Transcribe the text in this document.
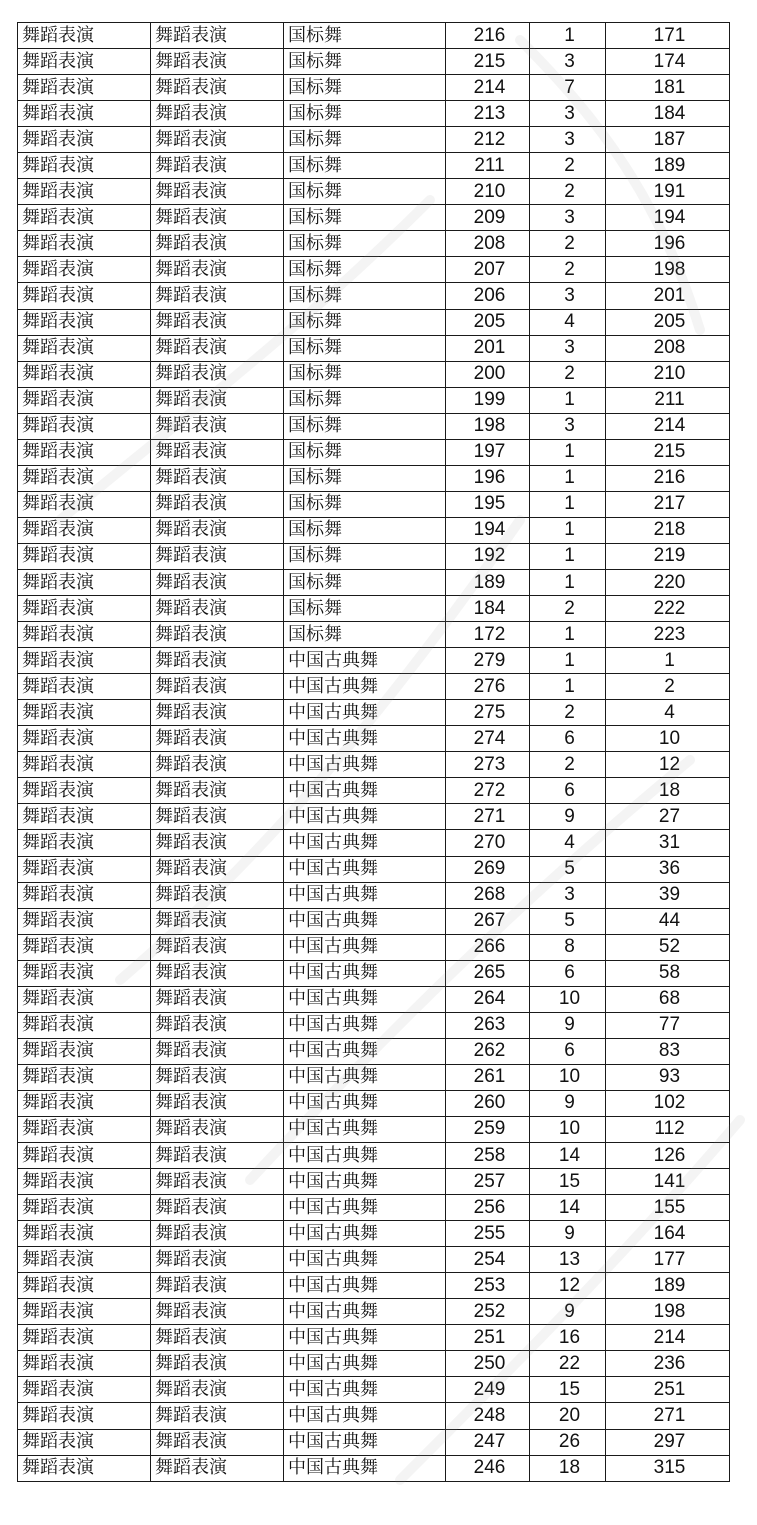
舞蹈表演	舞蹈表演	国标舞	216	1	171
舞蹈表演	舞蹈表演	国标舞	215	3	174
舞蹈表演	舞蹈表演	国标舞	214	7	181
舞蹈表演	舞蹈表演	国标舞	213	3	184
舞蹈表演	舞蹈表演	国标舞	212	3	187
舞蹈表演	舞蹈表演	国标舞	211	2	189
舞蹈表演	舞蹈表演	国标舞	210	2	191
舞蹈表演	舞蹈表演	国标舞	209	3	194
舞蹈表演	舞蹈表演	国标舞	208	2	196
舞蹈表演	舞蹈表演	国标舞	207	2	198
舞蹈表演	舞蹈表演	国标舞	206	3	201
舞蹈表演	舞蹈表演	国标舞	205	4	205
舞蹈表演	舞蹈表演	国标舞	201	3	208
舞蹈表演	舞蹈表演	国标舞	200	2	210
舞蹈表演	舞蹈表演	国标舞	199	1	211
舞蹈表演	舞蹈表演	国标舞	198	3	214
舞蹈表演	舞蹈表演	国标舞	197	1	215
舞蹈表演	舞蹈表演	国标舞	196	1	216
舞蹈表演	舞蹈表演	国标舞	195	1	217
舞蹈表演	舞蹈表演	国标舞	194	1	218
舞蹈表演	舞蹈表演	国标舞	192	1	219
舞蹈表演	舞蹈表演	国标舞	189	1	220
舞蹈表演	舞蹈表演	国标舞	184	2	222
舞蹈表演	舞蹈表演	国标舞	172	1	223
舞蹈表演	舞蹈表演	中国古典舞	279	1	1
舞蹈表演	舞蹈表演	中国古典舞	276	1	2
舞蹈表演	舞蹈表演	中国古典舞	275	2	4
舞蹈表演	舞蹈表演	中国古典舞	274	6	10
舞蹈表演	舞蹈表演	中国古典舞	273	2	12
舞蹈表演	舞蹈表演	中国古典舞	272	6	18
舞蹈表演	舞蹈表演	中国古典舞	271	9	27
舞蹈表演	舞蹈表演	中国古典舞	270	4	31
舞蹈表演	舞蹈表演	中国古典舞	269	5	36
舞蹈表演	舞蹈表演	中国古典舞	268	3	39
舞蹈表演	舞蹈表演	中国古典舞	267	5	44
舞蹈表演	舞蹈表演	中国古典舞	266	8	52
舞蹈表演	舞蹈表演	中国古典舞	265	6	58
舞蹈表演	舞蹈表演	中国古典舞	264	10	68
舞蹈表演	舞蹈表演	中国古典舞	263	9	77
舞蹈表演	舞蹈表演	中国古典舞	262	6	83
舞蹈表演	舞蹈表演	中国古典舞	261	10	93
舞蹈表演	舞蹈表演	中国古典舞	260	9	102
舞蹈表演	舞蹈表演	中国古典舞	259	10	112
舞蹈表演	舞蹈表演	中国古典舞	258	14	126
舞蹈表演	舞蹈表演	中国古典舞	257	15	141
舞蹈表演	舞蹈表演	中国古典舞	256	14	155
舞蹈表演	舞蹈表演	中国古典舞	255	9	164
舞蹈表演	舞蹈表演	中国古典舞	254	13	177
舞蹈表演	舞蹈表演	中国古典舞	253	12	189
舞蹈表演	舞蹈表演	中国古典舞	252	9	198
舞蹈表演	舞蹈表演	中国古典舞	251	16	214
舞蹈表演	舞蹈表演	中国古典舞	250	22	236
舞蹈表演	舞蹈表演	中国古典舞	249	15	251
舞蹈表演	舞蹈表演	中国古典舞	248	20	271
舞蹈表演	舞蹈表演	中国古典舞	247	26	297
舞蹈表演	舞蹈表演	中国古典舞	246	18	315
